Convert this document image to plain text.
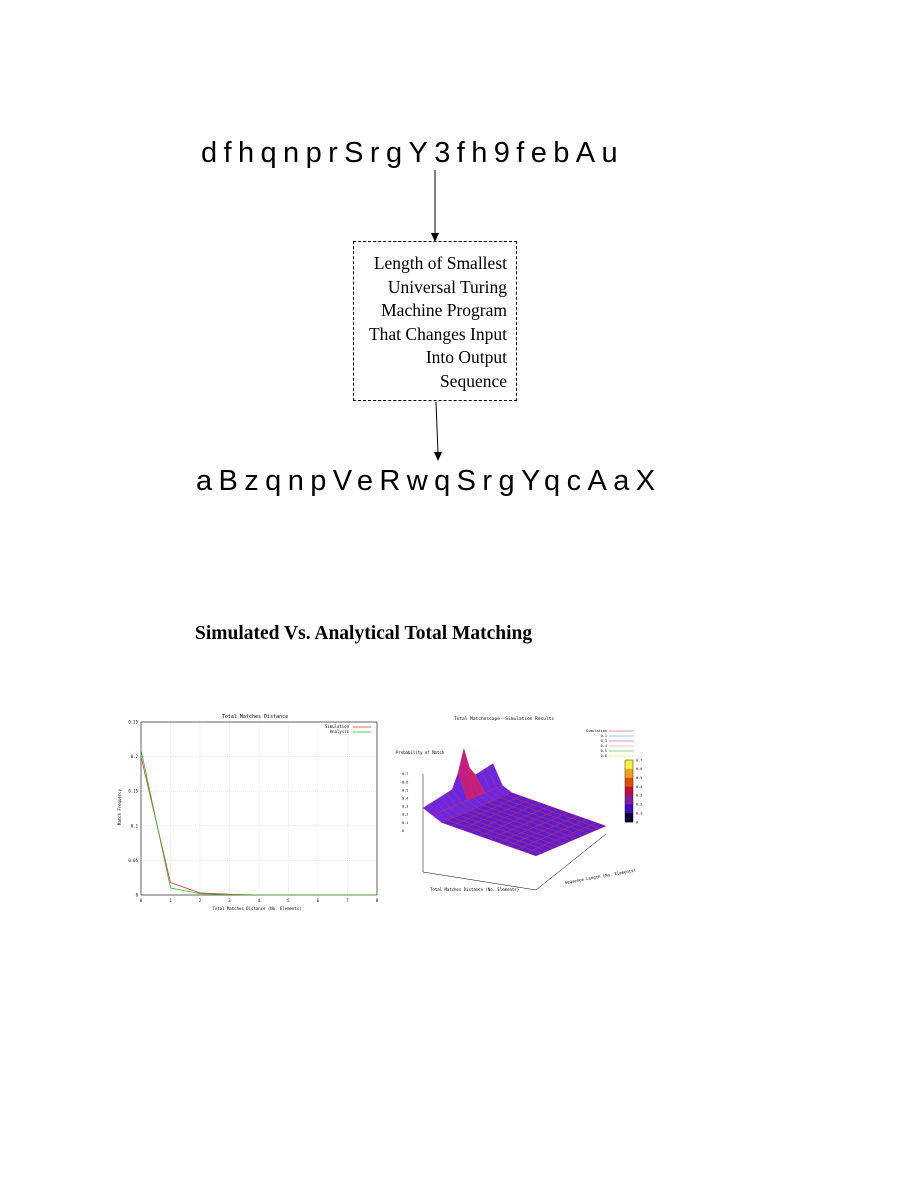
dfhqnprSrgY3fh9febAu
Length of Smallest
Universal Turing
Machine Program
That Changes Input
Into Output
Sequence
aBzqnpVeRwqSrgYqcAaX
Simulated Vs. Analytical Total Matching
Total Matches Distance
Match Frequency
Total Matches Distance (No. Elements)
0	1	2	3	4	5	6	7	8
0
0.05
0.1
0.15
0.2
0.25
Simulation
Analysis
Total Matchescape--Simulation Results
Probability of Match
Total Matches Distance (No. Elements)
Sequence Length (No. Elements)
Simulation
0.1
0.3
0.4
0.5
0.6
0.7
0.6
0.5
0.4
0.3
0.2
0.1
0
0.7
0.6
0.5
0.4
0.3
0.2
0.1
0
